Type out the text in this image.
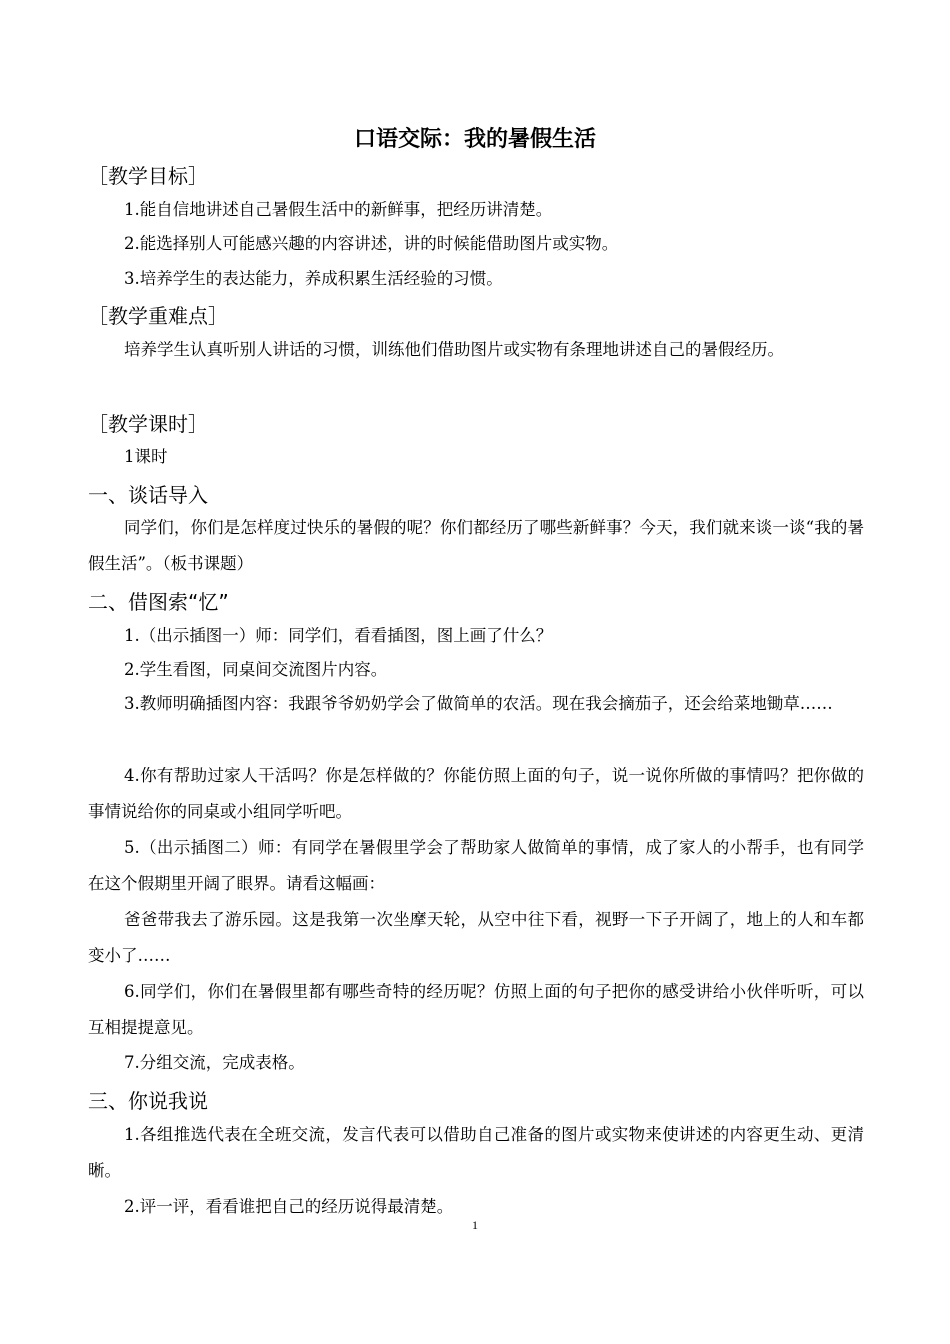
口语交际：我的暑假生活
［教学目标］
1.能自信地讲述自己暑假生活中的新鲜事，把经历讲清楚。
2.能选择别人可能感兴趣的内容讲述，讲的时候能借助图片或实物。
3.培养学生的表达能力，养成积累生活经验的习惯。
［教学重难点］
培养学生认真听别人讲话的习惯，训练他们借助图片或实物有条理地讲述自己的暑假经历。
［教学课时］
1课时
一、谈话导入
同学们，你们是怎样度过快乐的暑假的呢？你们都经历了哪些新鲜事？今天，我们就来谈一谈“我的暑假生活”。（板书课题）
二、借图索“忆”
1.（出示插图一）师：同学们，看看插图，图上画了什么？
2.学生看图，同桌间交流图片内容。
3.教师明确插图内容：我跟爷爷奶奶学会了做简单的农活。现在我会摘茄子，还会给菜地锄草……
4.你有帮助过家人干活吗？你是怎样做的？你能仿照上面的句子，说一说你所做的事情吗？把你做的事情说给你的同桌或小组同学听吧。
5.（出示插图二）师：有同学在暑假里学会了帮助家人做简单的事情，成了家人的小帮手，也有同学在这个假期里开阔了眼界。请看这幅画：
爸爸带我去了游乐园。这是我第一次坐摩天轮，从空中往下看，视野一下子开阔了，地上的人和车都变小了……
6.同学们，你们在暑假里都有哪些奇特的经历呢？仿照上面的句子把你的感受讲给小伙伴听听，可以互相提提意见。
7.分组交流，完成表格。
三、你说我说
1.各组推选代表在全班交流，发言代表可以借助自己准备的图片或实物来使讲述的内容更生动、更清晰。
2.评一评，看看谁把自己的经历说得最清楚。
1
